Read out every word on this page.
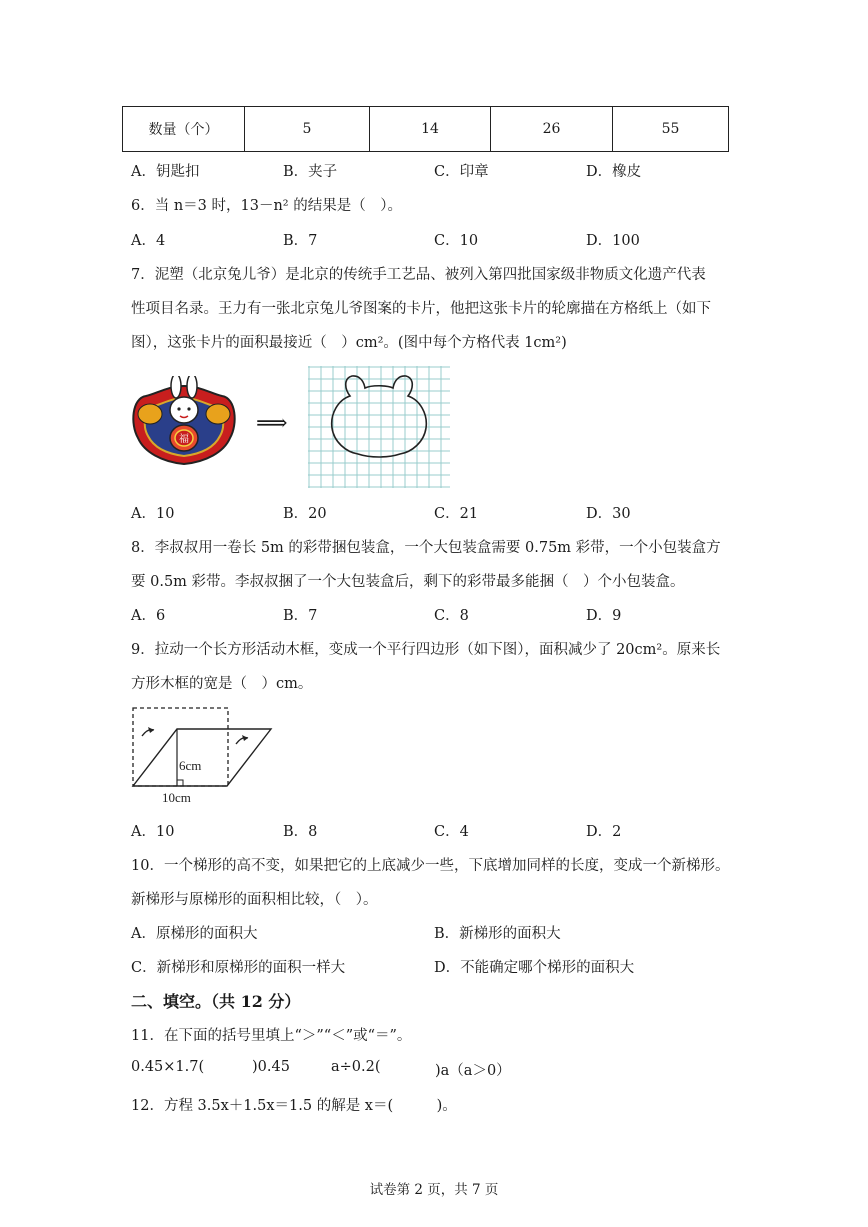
数量（个）	5	14	26	55
A．钥匙扣	B．夹子	C．印章	D．橡皮
6．当 n＝3 时，13－n² 的结果是（　）。
A．4	B．7	C．10	D．100
7．泥塑（北京兔儿爷）是北京的传统手工艺品、被列入第四批国家级非物质文化遗产代表
性项目名录。王力有一张北京兔儿爷图案的卡片，他把这张卡片的轮廓描在方格纸上（如下
图），这张卡片的面积最接近（　）cm²。(图中每个方格代表 1cm²)
福
⟹
A．10	B．20	C．21	D．30
8．李叔叔用一卷长 5m 的彩带捆包装盒，一个大包装盒需要 0.75m 彩带，一个小包装盒方
要 0.5m 彩带。李叔叔捆了一个大包装盒后，剩下的彩带最多能捆（　）个小包装盒。
A．6	B．7	C．8	D．9
9．拉动一个长方形活动木框，变成一个平行四边形（如下图），面积减少了 20cm²。原来长
方形木框的宽是（　）cm。
6cm
10cm
A．10	B．8	C．4	D．2
10．一个梯形的高不变，如果把它的上底减少一些，下底增加同样的长度，变成一个新梯形。
新梯形与原梯形的面积相比较，（　）。
A．原梯形的面积大	B．新梯形的面积大
C．新梯形和原梯形的面积一样大	D．不能确定哪个梯形的面积大
二、填空。（共 12 分）
11．在下面的括号里填上“＞”“＜”或“＝”。
0.45×1.7(	)0.45	a÷0.2(	)a（a＞0）
12．方程 3.5x＋1.5x＝1.5 的解是 x＝(　　　)。
试卷第 2 页，共 7 页
